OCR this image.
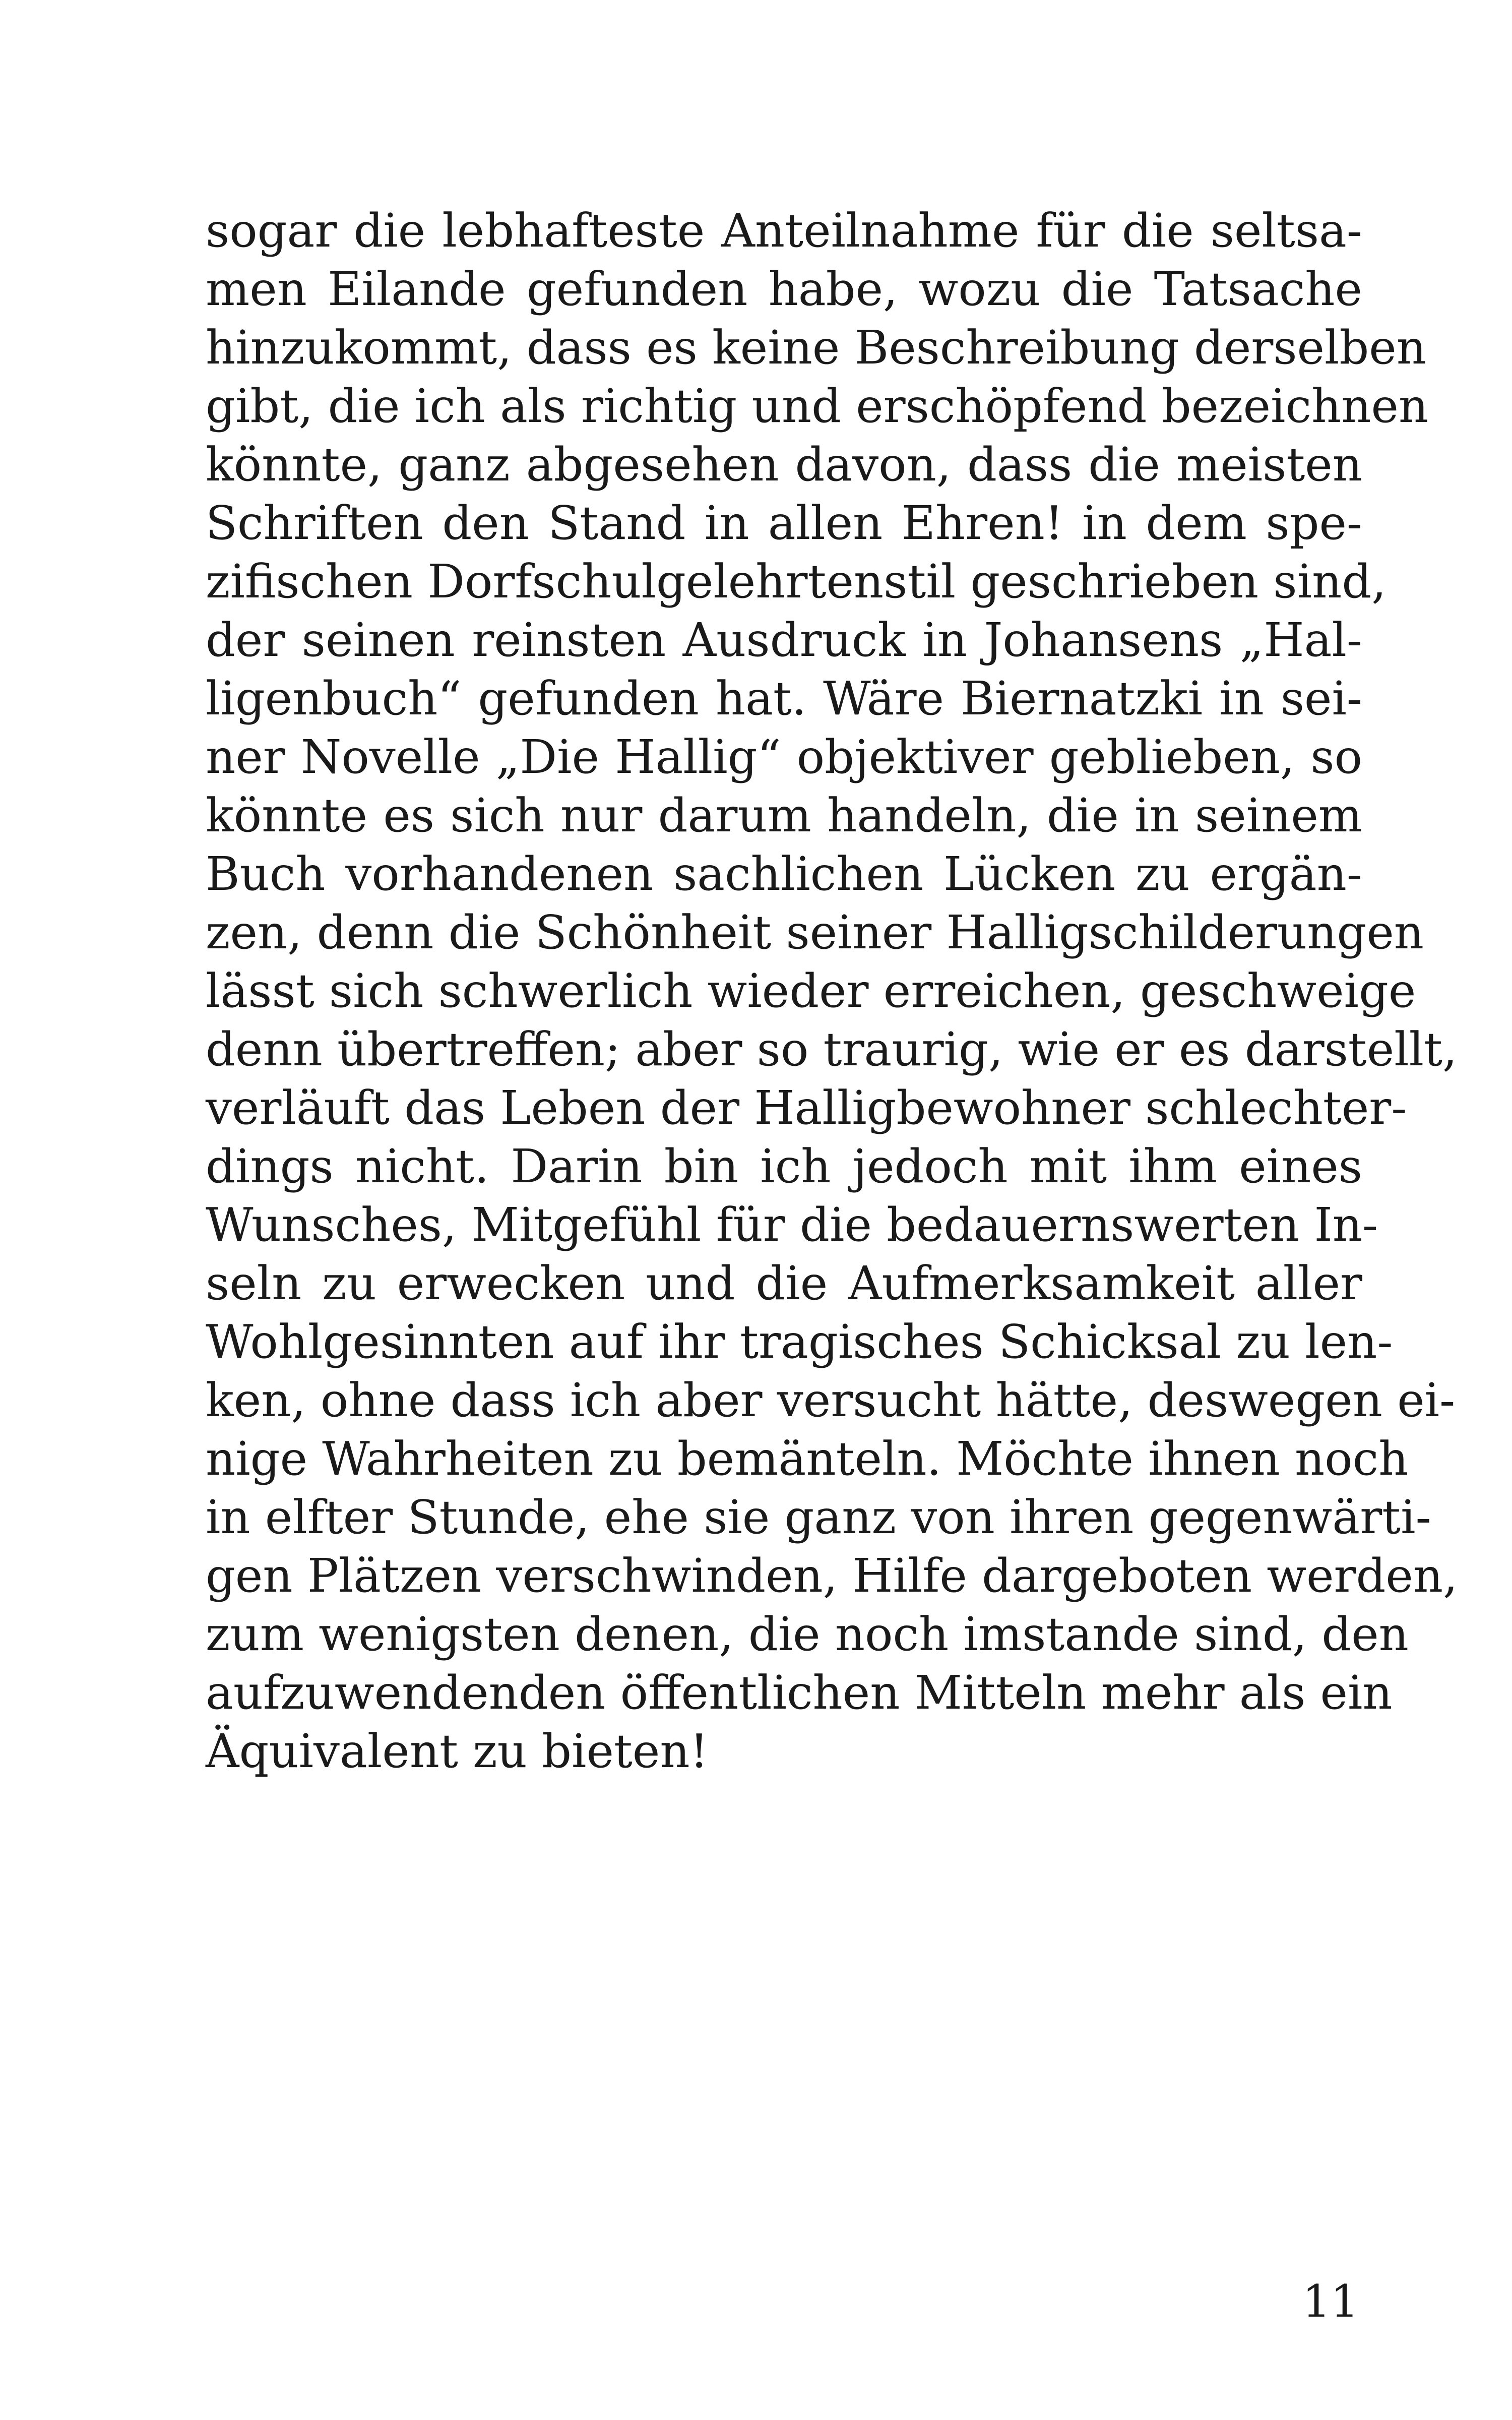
sogar die lebhafteste Anteilnahme für die seltsa-
men Eilande gefunden habe, wozu die Tatsache
hinzukommt, dass es keine Beschreibung derselben
gibt, die ich als richtig und erschöpfend bezeichnen
könnte, ganz abgesehen davon, dass die meisten
Schriften den Stand in allen Ehren! in dem spe-
zifischen Dorfschulgelehrtenstil geschrieben sind,
der seinen reinsten Ausdruck in Johansens „Hal-
ligenbuch“ gefunden hat. Wäre Biernatzki in sei-
ner Novelle „Die Hallig“ objektiver geblieben, so
könnte es sich nur darum handeln, die in seinem
Buch vorhandenen sachlichen Lücken zu ergän-
zen, denn die Schönheit seiner Halligschilderungen
lässt sich schwerlich wieder erreichen, geschweige
denn übertreffen; aber so traurig, wie er es darstellt,
verläuft das Leben der Halligbewohner schlechter-
dings nicht. Darin bin ich jedoch mit ihm eines
Wunsches, Mitgefühl für die bedauernswerten In-
seln zu erwecken und die Aufmerksamkeit aller
Wohlgesinnten auf ihr tragisches Schicksal zu len-
ken, ohne dass ich aber versucht hätte, deswegen ei-
nige Wahrheiten zu bemänteln. Möchte ihnen noch
in elfter Stunde, ehe sie ganz von ihren gegenwärti-
gen Plätzen verschwinden, Hilfe dargeboten werden,
zum wenigsten denen, die noch imstande sind, den
aufzuwendenden öffentlichen Mitteln mehr als ein
Äquivalent zu bieten!
11
